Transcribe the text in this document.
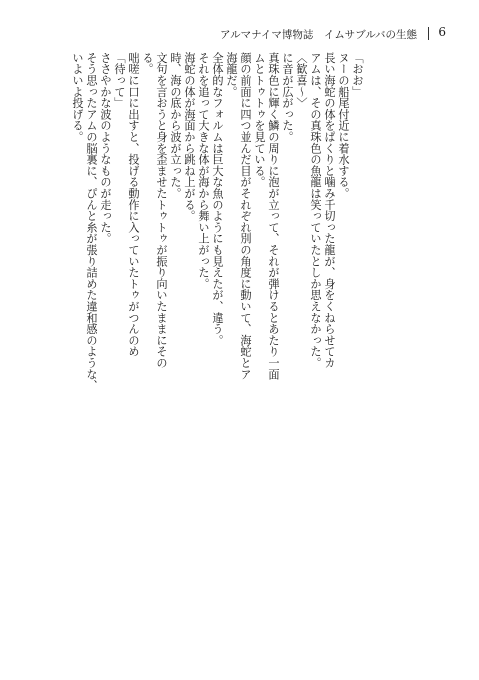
アルマナイマ博物誌　イムサブルバの生態 6
いよいよ投げる。 そう思ったアムの脳裏に、ぴんと糸が張り詰めた違和感のような、 ささやかな波のようなものが走った。 「待って」 咄嗟に口に出すと、投げる動作に入っていたトゥがつんのめ る。 文句を言おうと身を歪ませたトゥトゥが振り向いたままにその 時、海の底から波が立った。 海蛇の体が海面から跳ね上がる。 それを追って大きな体が海から舞い上がった。 全体的なフォルムは巨大な魚のようにも見えたが、違う。 海龍だ。 顔の前面に四つ並んだ目がそれぞれ別の角度に動いて、海蛇とア ムとトゥトゥを見ている。 真珠色に輝く鱗の周りに泡が立って、それが弾けるとあたり一面 に音が広がった。 〈歓喜〜〉 アムは、その真珠色の魚龍は笑っていたとしか思えなかった。 長い海蛇の体をぱくりと噛み千切った龍が、身をくねらせてカ ヌーの船尾付近に着水する。 「おお」
